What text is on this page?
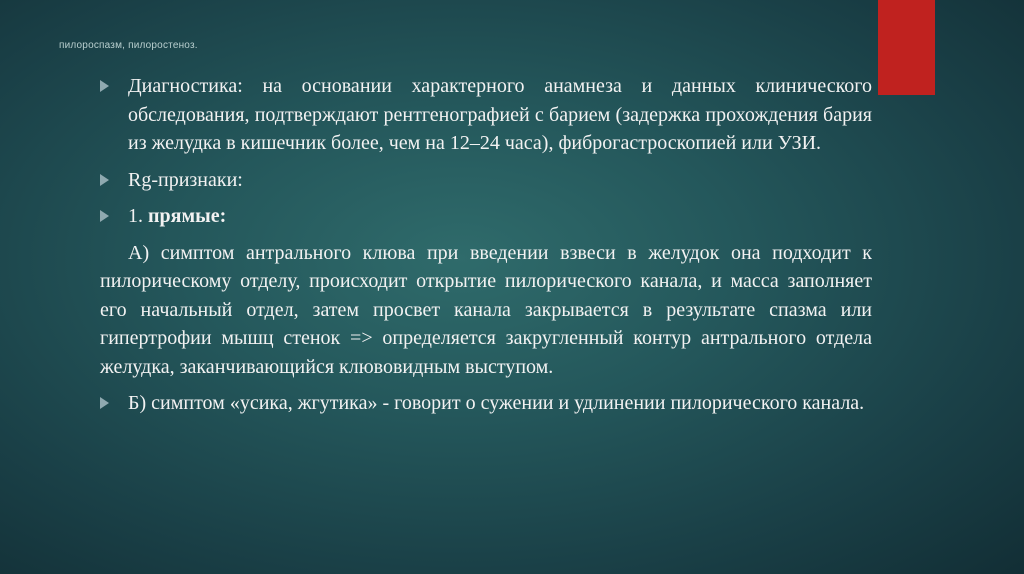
пилороспазм, пилоростеноз.
Диагностика: на основании характерного анамнеза и данных клинического обследования, подтверждают рентгенографией с барием (задержка прохождения бария из желудка в кишечник более, чем на 12–24 часа), фиброгастроскопией или УЗИ.
Rg-признаки:
1. прямые:
А) симптом антрального клюва при введении взвеси в желудок она подходит к пилорическому отделу, происходит открытие пилорического канала, и масса заполняет его начальный отдел, затем просвет канала закрывается в результате спазма или гипертрофии мышц стенок => определяется закругленный контур антрального отдела желудка, заканчивающийся клювовидным выступом.
Б) симптом «усика, жгутика» - говорит о сужении и удлинении пилорического канала.
